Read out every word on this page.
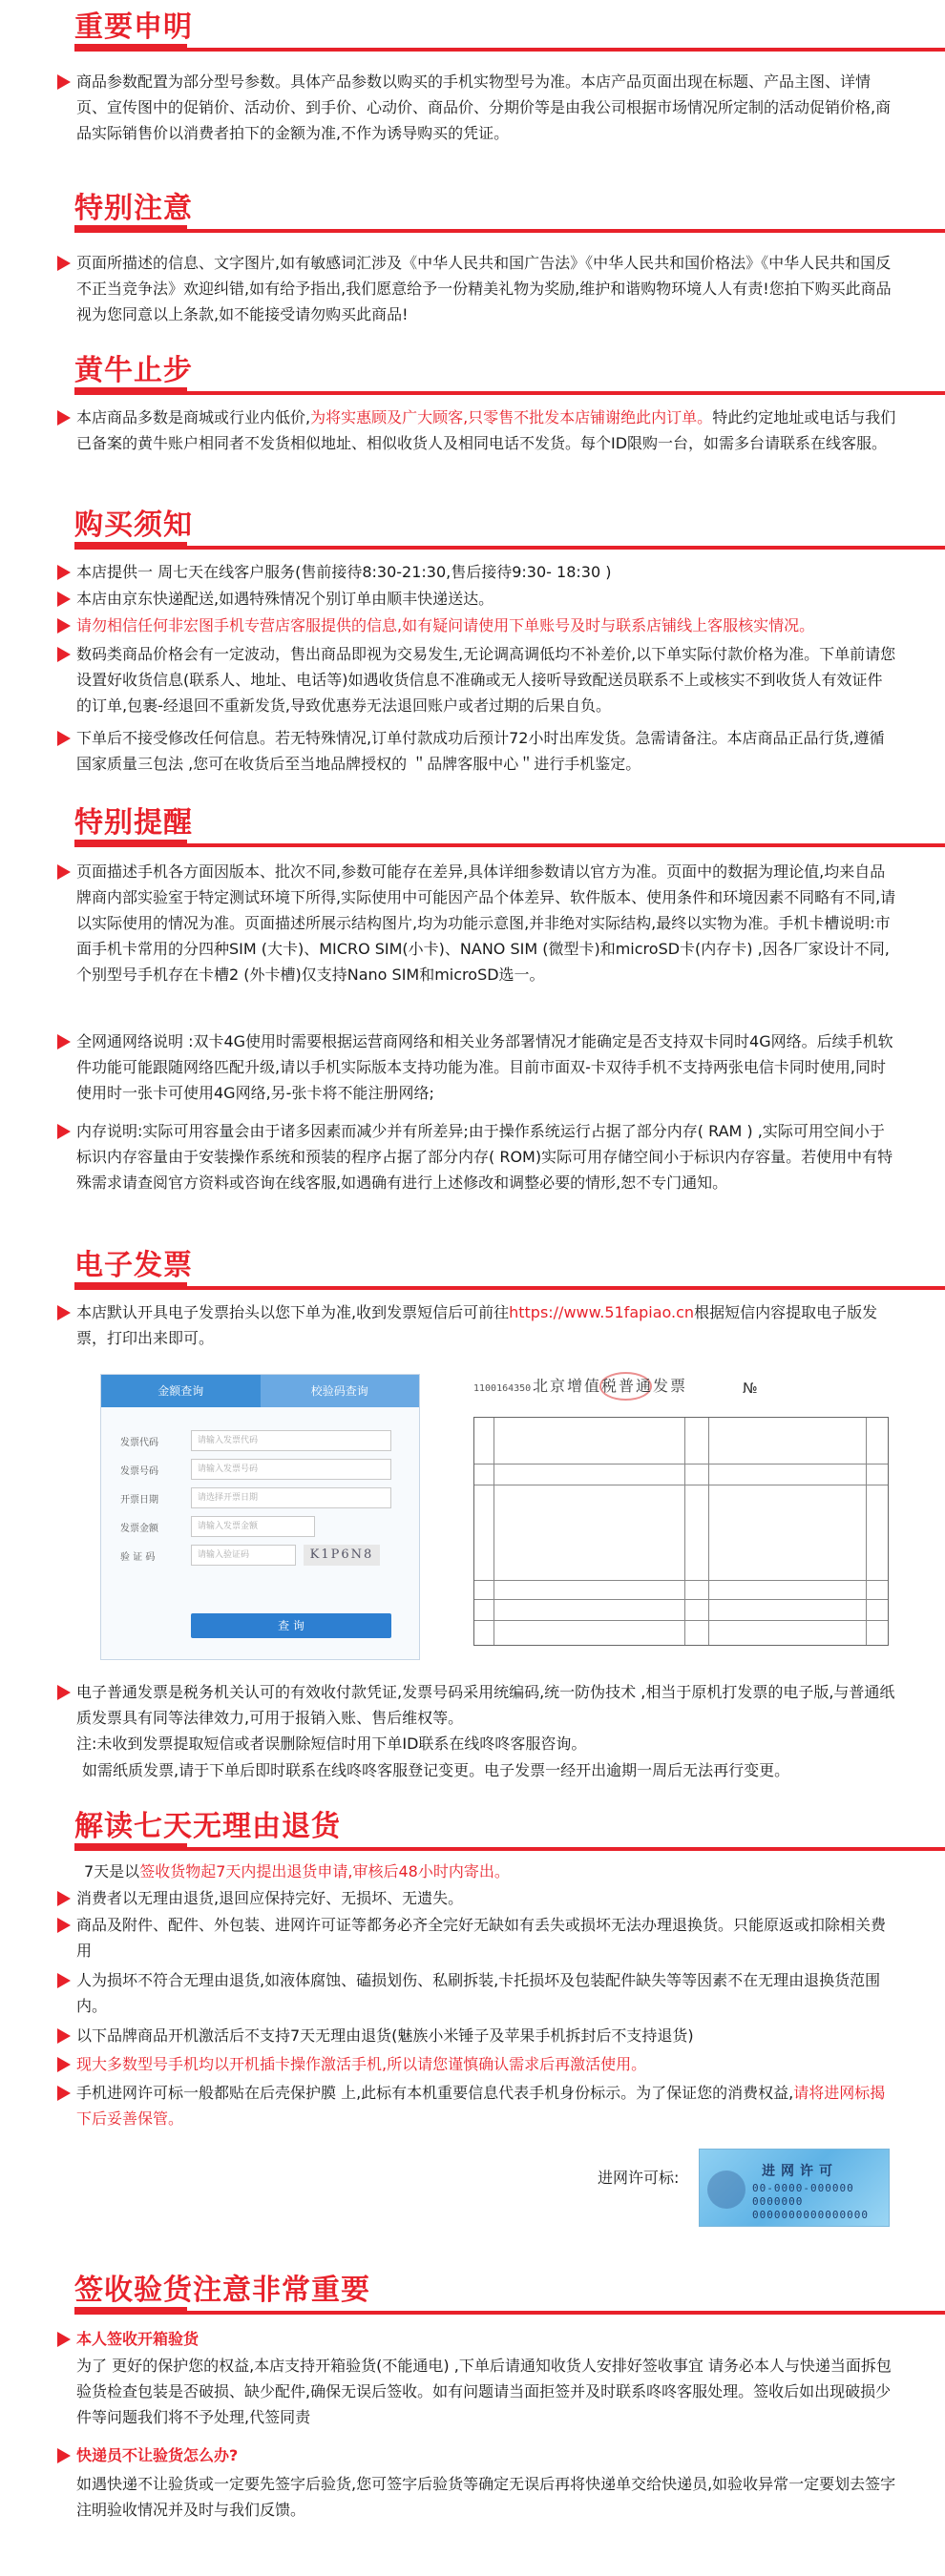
重要申明
商品参数配置为部分型号参数。具体产品参数以购买的手机实物型号为准。本店产品页面出现在标题、产品主图、详情页、宣传图中的促销价、活动价、到手价、心动价、商品价、分期价等是由我公司根据市场情况所定制的活动促销价格,商品实际销售价以消费者拍下的金额为准,不作为诱导购买的凭证。
特别注意
页面所描述的信息、文字图片,如有敏感词汇涉及《中华人民共和国广告法》《中华人民共和国价格法》《中华人民共和国反不正当竞争法》欢迎纠错,如有给予指出,我们愿意给予一份精美礼物为奖励,维护和谐购物环境人人有责!您拍下购买此商品视为您同意以上条款,如不能接受请勿购买此商品!
黄牛止步
本店商品多数是商城或行业内低价,为将实惠顾及广大顾客,只零售不批发本店铺谢绝此内订单。特此约定地址或电话与我们已备案的黄牛账户相同者不发货相似地址、相似收货人及相同电话不发货。每个ID限购一台，如需多台请联系在线客服。
购买须知
本店提供一 周七天在线客户服务(售前接待8:30-21:30,售后接待9:30- 18:30 )
本店由京东快递配送,如遇特殊情况个别订单由顺丰快递送达。
请勿相信任何非宏图手机专营店客服提供的信息,如有疑问请使用下单账号及时与联系店铺线上客服核实情况。
数码类商品价格会有一定波动，售出商品即视为交易发生,无论调高调低均不补差价,以下单实际付款价格为准。下单前请您设置好收货信息(联系人、地址、电话等)如遇收货信息不准确或无人接听导致配送员联系不上或核实不到收货人有效证件的订单,包裹-经退回不重新发货,导致优惠券无法退回账户或者过期的后果自负。
下单后不接受修改任何信息。若无特殊情况,订单付款成功后预计72小时出库发货。急需请备注。本店商品正品行货,遵循国家质量三包法 ,您可在收货后至当地品牌授权的 ＂品牌客服中心＂进行手机鉴定。
特别提醒
页面描述手机各方面因版本、批次不同,参数可能存在差异,具体详细参数请以官方为准。页面中的数据为理论值,均来自品牌商内部实验室于特定测试环境下所得,实际使用中可能因产品个体差异、软件版本、使用条件和环境因素不同略有不同,请以实际使用的情况为准。页面描述所展示结构图片,均为功能示意图,并非绝对实际结构,最终以实物为准。手机卡槽说明:市面手机卡常用的分四种SIM (大卡)、MICRO SIM(小卡)、NANO SIM (微型卡)和microSD卡(内存卡) ,因各厂家设计不同,个别型号手机存在卡槽2 (外卡槽)仅支持Nano SIM和microSD选一。
全网通网络说明 :双卡4G使用时需要根据运营商网络和相关业务部署情况才能确定是否支持双卡同时4G网络。后续手机软件功能可能跟随网络匹配升级,请以手机实际版本支持功能为准。目前市面双-卡双待手机不支持两张电信卡同时使用,同时使用时一张卡可使用4G网络,另-张卡将不能注册网络;
内存说明:实际可用容量会由于诸多因素而减少并有所差异;由于操作系统运行占据了部分内存( RAM ) ,实际可用空间小于标识内存容量由于安装操作系统和预装的程序占据了部分内存( ROM)实际可用存储空间小于标识内存容量。若使用中有特殊需求请查阅官方资料或咨询在线客服,如遇确有进行上述修改和调整必要的情形,恕不专门通知。
电子发票
本店默认开具电子发票抬头以您下单为准,收到发票短信后可前往https://www.51fapiao.cn根据短信内容提取电子版发票，打印出来即可。
金额查询	校验码查询
发票代码	请输入发票代码
发票号码	请输入发票号码
开票日期	请选择开票日期
发票金额	请输入发票金额
验 证 码	请输入验证码	K1P6N8
查 询
1100164350 北京增值税普通发票	№
电子普通发票是税务机关认可的有效收付款凭证,发票号码采用统编码,统一防伪技术 ,相当于原机打发票的电子版,与普通纸质发票具有同等法律效力,可用于报销入账、售后维权等。
注:未收到发票提取短信或者误删除短信时用下单ID联系在线咚咚客服咨询。
如需纸质发票,请于下单后即时联系在线咚咚客服登记变更。电子发票一经开出逾期一周后无法再行变更。
解读七天无理由退货
7天是以签收货物起7天内提出退货申请,审核后48小时内寄出。
消费者以无理由退货,退回应保持完好、无损坏、无遗失。
商品及附件、配件、外包装、进网许可证等都务必齐全完好无缺如有丢失或损坏无法办理退换货。只能原返或扣除相关费用
人为损坏不符合无理由退货,如液体腐蚀、磕损划伤、私刷拆装,卡托损坏及包装配件缺失等等因素不在无理由退换货范围内。
以下品牌商品开机激活后不支持7天无理由退货(魅族小米锤子及苹果手机拆封后不支持退货)
现大多数型号手机均以开机插卡操作激活手机,所以请您谨慎确认需求后再激活使用。
手机进网许可标一般都贴在后壳保护膜 上,此标有本机重要信息代表手机身份标示。为了保证您的消费权益,请将进网标揭下后妥善保管。
进网许可标:	进网许可
00-0000-000000
0000000
0000000000000000
签收验货注意非常重要
本人签收开箱验货
为了 更好的保护您的权益,本店支持开箱验货(不能通电) ,下单后请通知收货人安排好签收事宜 请务必本人与快递当面拆包验货检查包装是否破损、缺少配件,确保无误后签收。如有问题请当面拒签并及时联系咚咚客服处理。签收后如出现破损少件等问题我们将不予处理,代签同责
快递员不让验货怎么办?
如遇快递不让验货或一定要先签字后验货,您可签字后验货等确定无误后再将快递单交给快递员,如验收异常一定要划去签字注明验收情况并及时与我们反馈。
